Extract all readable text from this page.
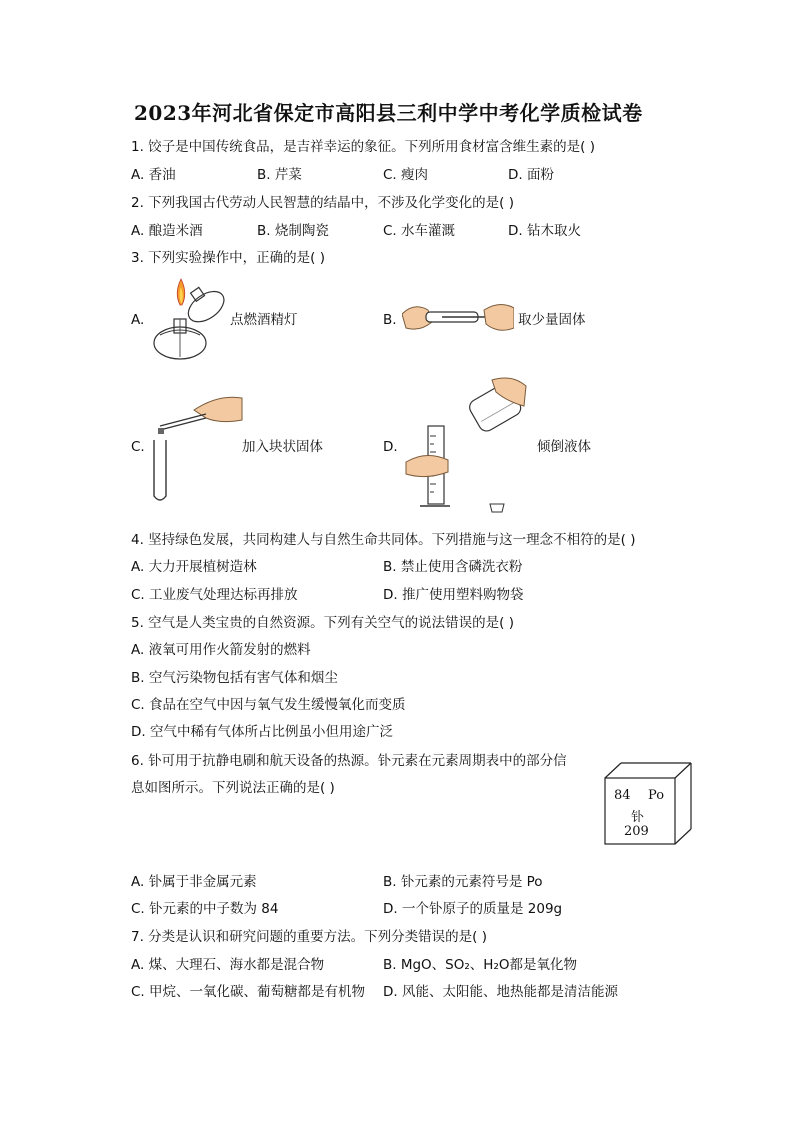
2023年河北省保定市高阳县三利中学中考化学质检试卷
1. 饺子是中国传统食品，是吉祥幸运的象征。下列所用食材富含维生素的是( )
A. 香油	B. 芹菜	C. 瘦肉	D. 面粉
2. 下列我国古代劳动人民智慧的结晶中，不涉及化学变化的是( )
A. 酿造米酒	B. 烧制陶瓷	C. 水车灌溉	D. 钻木取火
3. 下列实验操作中，正确的是( )
A.	点燃酒精灯	B.	取少量固体
C.	加入块状固体	D.	倾倒液体
4. 坚持绿色发展，共同构建人与自然生命共同体。下列措施与这一理念不相符的是( )
A. 大力开展植树造林	B. 禁止使用含磷洗衣粉
C. 工业废气处理达标再排放	D. 推广使用塑料购物袋
5. 空气是人类宝贵的自然资源。下列有关空气的说法错误的是( )
A. 液氧可用作火箭发射的燃料
B. 空气污染物包括有害气体和烟尘
C. 食品在空气中因与氧气发生缓慢氧化而变质
D. 空气中稀有气体所占比例虽小但用途广泛
6. 钋可用于抗静电刷和航天设备的热源。钋元素在元素周期表中的部分信
息如图所示。下列说法正确的是( )	84 Po
钋
209
A. 钋属于非金属元素	B. 钋元素的元素符号是 Po
C. 钋元素的中子数为 84	D. 一个钋原子的质量是 209g
7. 分类是认识和研究问题的重要方法。下列分类错误的是( )
A. 煤、大理石、海水都是混合物	B. MgO、SO₂、H₂O都是氧化物
C. 甲烷、一氧化碳、葡萄糖都是有机物 D. 风能、太阳能、地热能都是清洁能源
